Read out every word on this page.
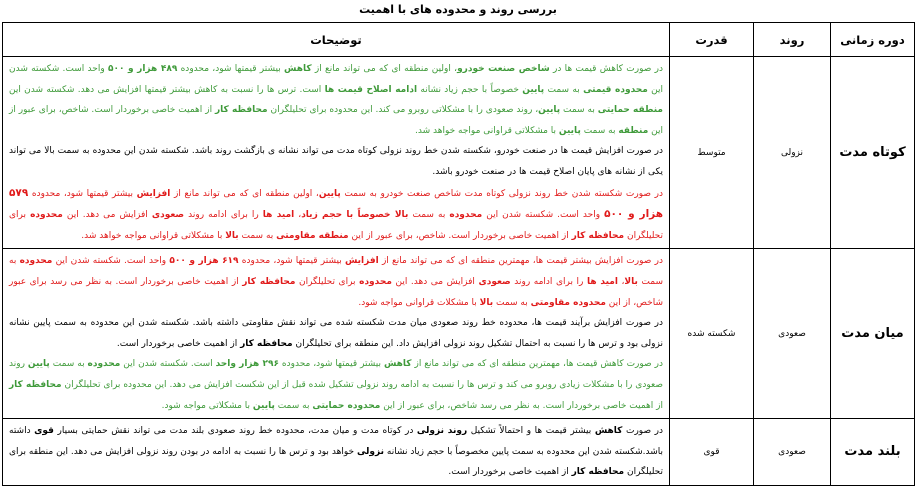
بررسی روند و محدوده های با اهمیت
دوره زمانی	روند	قدرت	توضیحات
کوتاه مدت	نزولی	متوسط	در صورت کاهش قیمت ها در شاخص صنعت خودرو، اولین منطقه ای که می تواند مانع از کاهش بیشتر قیمتها شود، محدوده ۴۸۹ هزار و ۵۰۰ واحد است. شکسته شدن این محدوده قیمتی به سمت پایین خصوصاً با حجم زیاد نشانه ادامه اصلاح قیمت ها است. ترس ها را نسبت به کاهش بیشتر قیمتها افزایش می دهد. شکسته شدن این منطقه حمایتی به سمت پایین، روند صعودی را با مشکلاتی روبرو می کند. این محدوده برای تحلیلگران محافظه کار از اهمیت خاصی برخوردار است. شاخص، برای عبور از این منطقه به سمت پایین با مشکلاتی قراوانی مواجه خواهد شد.

در صورت افزایش قیمت ها در صنعت خودرو، شکسته شدن خط روند نزولی کوتاه مدت می تواند نشانه ی بازگشت روند باشد. شکسته شدن این محدوده به سمت بالا می تواند یکی از نشانه های پایان اصلاح قیمت ها در صنعت خودرو باشد.

در صورت شکسته شدن خط روند نزولی کوتاه مدت شاخص صنعت خودرو به سمت پایین، اولین منطقه ای که می تواند مانع از افزایش بیشتر قیمتها شود، محدوده ۵۷۹ هزار و ۵۰۰ واحد است. شکسته شدن این محدوده به سمت بالا خصوصاً با حجم زیاد، امید ها را برای ادامه روند صعودی افزایش می دهد. این محدوده برای تحلیلگران محافظه کار از اهمیت خاصی برخوردار است. شاخص، برای عبور از این منطقه مقاومتی به سمت بالا با مشکلاتی قراوانی مواجه خواهد شد.

میان مدت	صعودی	شکسته شده	در صورت افزایش بیشتر قیمت ها، مهمترین منطقه ای که می تواند مانع از افزایش بیشتر قیمتها شود، محدوده ۶۱۹ هزار و ۵۰۰ واحد است. شکسته شدن این محدوده به سمت بالا، امید ها را برای ادامه روند صعودی افزایش می دهد. این محدوده برای تحلیلگران محافظه کار از اهمیت خاصی برخوردار است. به نظر می رسد برای عبور شاخص، از این محدوده مقاومتی به سمت بالا با مشکلات قراوانی مواجه شود.

در صورت افزایش برآیند قیمت ها، محدوده خط روند صعودی میان مدت شکسته شده می تواند نقش مقاومتی داشته باشد. شکسته شدن این محدوده به سمت پایین نشانه نزولی بود و ترس ها را نسبت به احتمال تشکیل روند نزولی افزایش داد. این منطقه برای تحلیلگران محافظه کار از اهمیت خاصی برخوردار است.

در صورت کاهش قیمت ها، مهمترین منطقه ای که می تواند مانع از کاهش بیشتر قیمتها شود، محدوده ۲۹۶ هزار واحد است. شکسته شدن این محدوده به سمت پایین روند صعودی را با مشکلات زیادی روبرو می کند و ترس ها را نسبت به ادامه روند نزولی تشکیل شده قبل از این شکست افزایش می دهد. این محدوده برای تحلیلگران محافظه کار از اهمیت خاصی برخوردار است. به نظر می رسد شاخص، برای عبور از این محدوده حمایتی به سمت پایین با مشکلاتی مواجه شود.

بلند مدت	صعودی	قوی	در صورت کاهش بیشتر قیمت ها و احتمالاً تشکیل روند نزولی در کوتاه مدت و میان مدت، محدوده خط روند صعودی بلند مدت می تواند نقش حمایتی بسیار قوی داشته باشد.شکسته شدن این محدوده به سمت پایین مخصوصاً با حجم زیاد نشانه نزولی خواهد بود و ترس ها را نسبت به ادامه در بودن روند نزولی افزایش می دهد. این منطقه برای تحلیلگران محافظه کار از اهمیت خاصی برخوردار است.
